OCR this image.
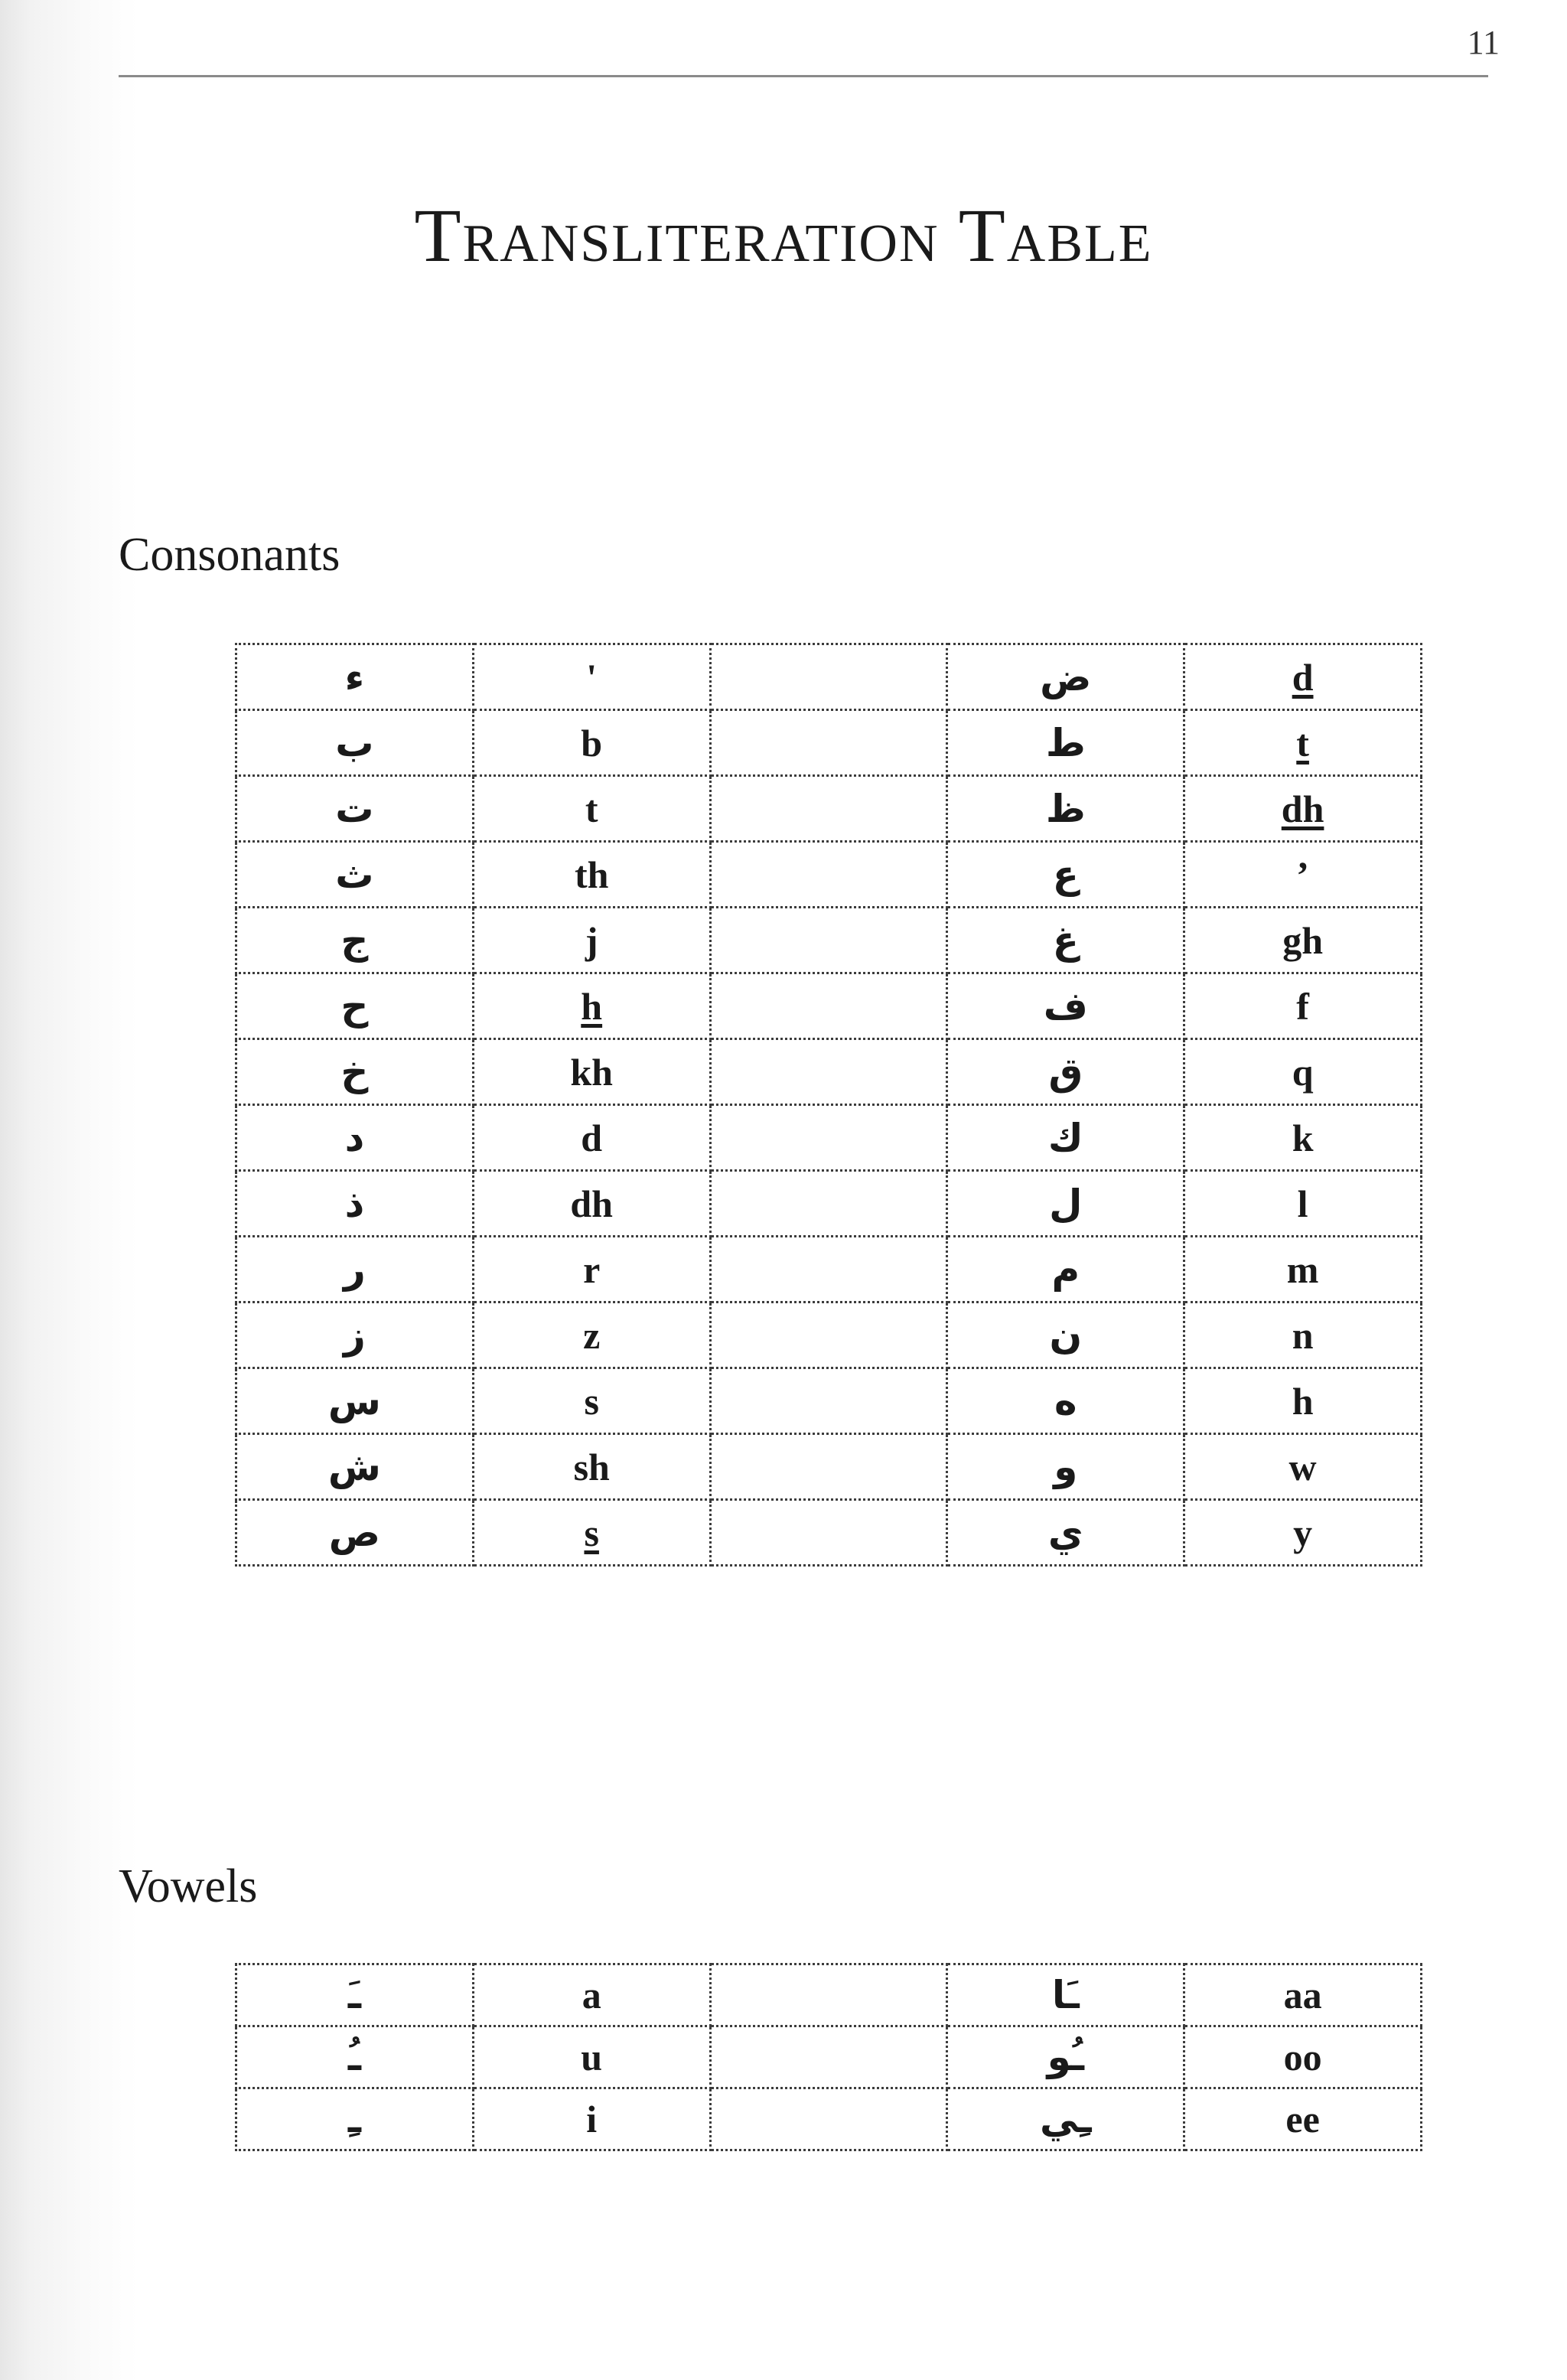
11
Transliteration Table
Consonants
ء	'		ض	d
ب	b		ط	t
ت	t		ظ	dh
ث	th		ع	’
ج	j		غ	gh
ح	h		ف	f
خ	kh		ق	q
د	d		ك	k
ذ	dh		ل	l
ر	r		م	m
ز	z		ن	n
س	s		ه	h
ش	sh		و	w
ص	s		ي	y
Vowels
ـَ	a		ـَا	aa
ـُ	u		ـُو	oo
ـِ	i		ـِي	ee
